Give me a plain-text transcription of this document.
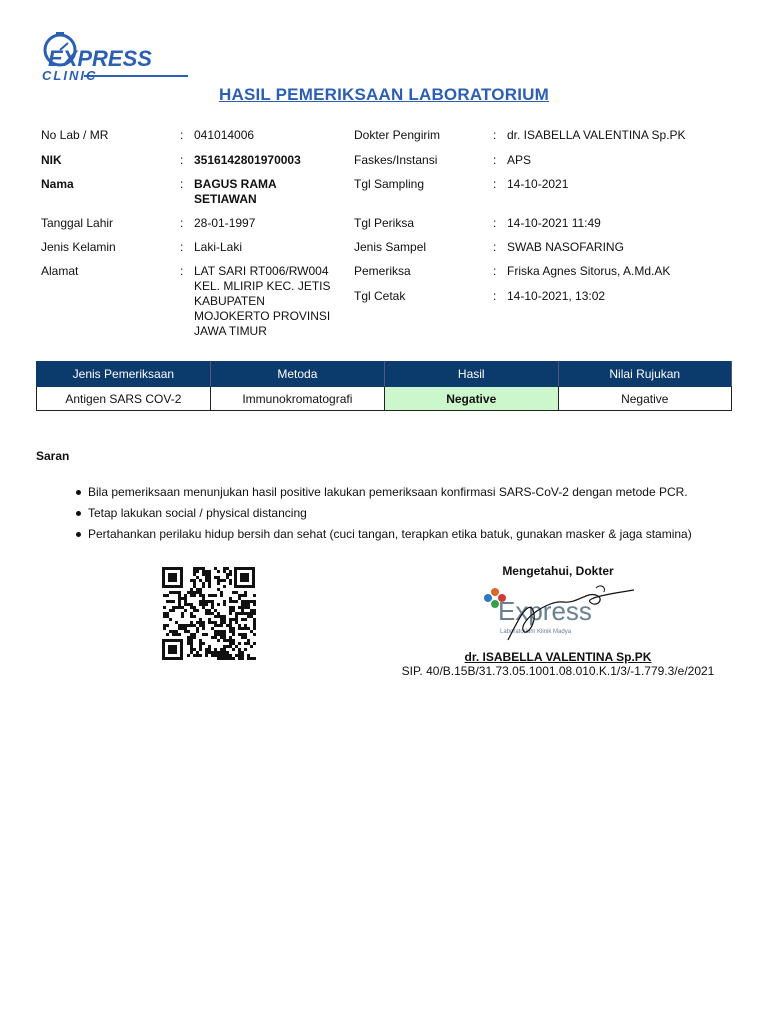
EXPRESS
CLINIC
HASIL PEMERIKSAAN LABORATORIUM
No Lab / MR	: 041014006
NIK	: 3516142801970003
Nama	: BAGUS RAMA
SETIAWAN
Tanggal Lahir	: 28-01-1997
Jenis Kelamin	: Laki-Laki
Alamat	: LAT SARI RT006/RW004
KEL. MLIRIP KEC. JETIS
KABUPATEN
MOJOKERTO PROVINSI
JAWA TIMUR
Dokter Pengirim	: dr. ISABELLA VALENTINA Sp.PK
Faskes/Instansi	: APS
Tgl Sampling	: 14-10-2021
Tgl Periksa	: 14-10-2021 11:49
Jenis Sampel	: SWAB NASOFARING
Pemeriksa	: Friska Agnes Sitorus, A.Md.AK
Tgl Cetak	: 14-10-2021, 13:02
Jenis Pemeriksaan	Metoda	Hasil	Nilai Rujukan
Antigen SARS COV-2	Immunokromatografi	Negative	Negative
Saran
Bila pemeriksaan menunjukan hasil positive lakukan pemeriksaan konfirmasi SARS-CoV-2 dengan metode PCR.
Tetap lakukan social / physical distancing
Pertahankan perilaku hidup bersih dan sehat (cuci tangan, terapkan etika batuk, gunakan masker & jaga stamina)
Mengetahui, Dokter
Express
Laboratorium Klinik Madya
dr. ISABELLA VALENTINA Sp.PK
SIP. 40/B.15B/31.73.05.1001.08.010.K.1/3/-1.779.3/e/2021
